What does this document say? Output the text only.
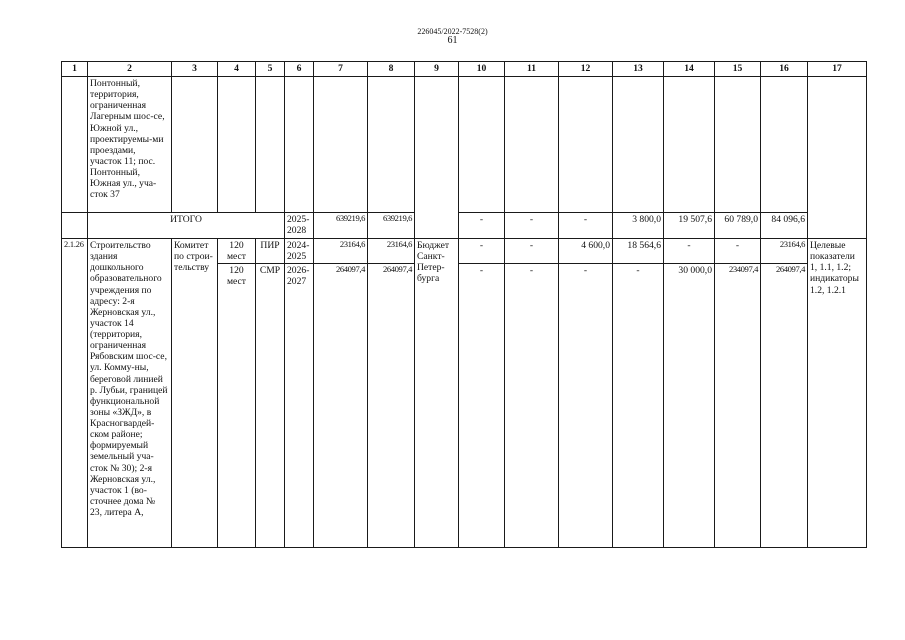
226045/2022-7528(2)
61
1	2	3	4	5	6	7	8	9	10	11	12	13	14	15	16	17
	Понтонный, территория, ограниченная Лагерным шос-се, Южной ул., проектируемы-ми проездами, участок 11; пос. Понтонный, Южная ул., уча-сток 37															
	ИТОГО				2025-2028	639219,6	639219,6		-	-	-	3 800,0	19 507,6	60 789,0	84 096,6	
2.1.26	Строительство здания дошкольного образовательного учреждения по адресу: 2-я Жерновская ул., участок 14 (территория, ограниченная Рябовским шос-се, ул. Комму-ны, береговой линией р. Лубьи, границей функциональной зоны «ЗЖД», в Красногвардей-ском районе; формируемый земельный уча-сток № 30); 2-я Жерновская ул., участок 1 (во-сточнее дома № 23, литера А,	Комитет по строи-тельству	120 мест	ПИР	2024-2025	23164,6	23164,6	Бюджет Санкт-Петер-бурга	-	-	4 600,0	18 564,6	-	-	23164,6	Целевые показатели 1, 1.1, 1.2; индикаторы 1.2, 1.2.1
			120 мест	СМР	2026-2027	264097,4	264097,4		-	-	-	-	30 000,0	234097,4	264097,4	
